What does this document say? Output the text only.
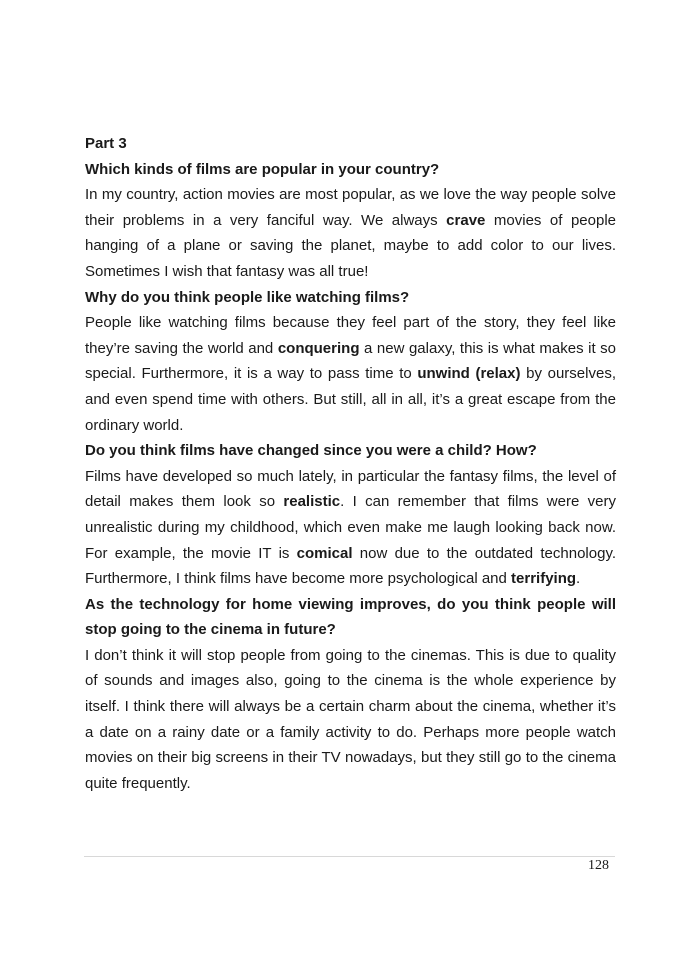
Part 3

Which kinds of films are popular in your country?

In my country, action movies are most popular, as we love the way people solve their problems in a very fanciful way. We always crave movies of people hanging of a plane or saving the planet, maybe to add color to our lives. Sometimes I wish that fantasy was all true!

Why do you think people like watching films?

People like watching films because they feel part of the story, they feel like they’re saving the world and conquering a new galaxy, this is what makes it so special. Furthermore, it is a way to pass time to unwind (relax) by ourselves, and even spend time with others. But still, all in all, it’s a great escape from the ordinary world.

Do you think films have changed since you were a child? How?

Films have developed so much lately, in particular the fantasy films, the level of detail makes them look so realistic. I can remember that films were very unrealistic during my childhood, which even make me laugh looking back now. For example, the movie IT is comical now due to the outdated technology. Furthermore, I think films have become more psychological and terrifying.

As the technology for home viewing improves, do you think people will stop going to the cinema in future?

I don’t think it will stop people from going to the cinemas. This is due to quality of sounds and images also, going to the cinema is the whole experience by itself. I think there will always be a certain charm about the cinema, whether it’s a date on a rainy date or a family activity to do. Perhaps more people watch movies on their big screens in their TV nowadays, but they still go to the cinema quite frequently.

128
